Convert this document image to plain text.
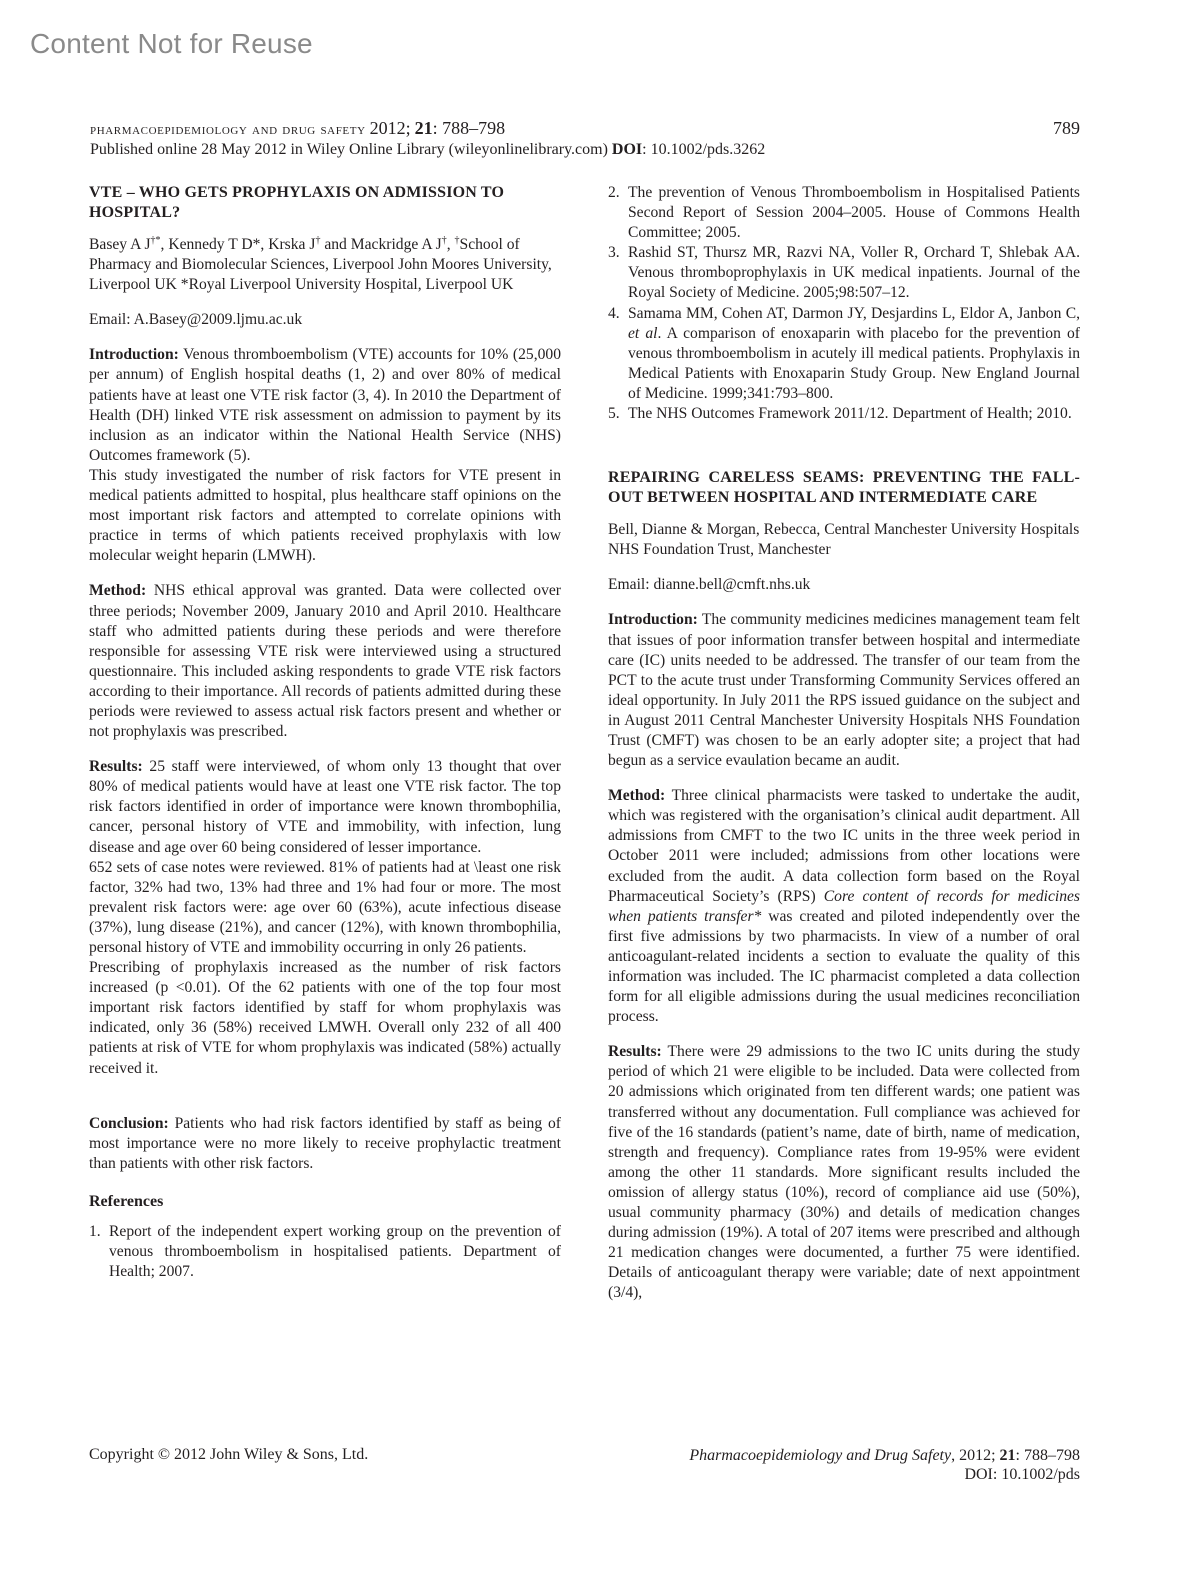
Content Not for Reuse
pharmacoepidemiology and drug safety 2012; 21: 788–798	789
Published online 28 May 2012 in Wiley Online Library (wileyonlinelibrary.com) DOI: 10.1002/pds.3262
VTE – WHO GETS PROPHYLAXIS ON ADMISSION TO HOSPITAL?

Basey A J†*, Kennedy T D*, Krska J† and Mackridge A J†, †School of Pharmacy and Biomolecular Sciences, Liverpool John Moores University, Liverpool UK *Royal Liverpool University Hospital, Liverpool UK

Email: A.Basey@2009.ljmu.ac.uk

Introduction: Venous thromboembolism (VTE) accounts for 10% (25,000 per annum) of English hospital deaths (1, 2) and over 80% of medical patients have at least one VTE risk factor (3, 4). In 2010 the Department of Health (DH) linked VTE risk assessment on admission to payment by its inclusion as an indicator within the National Health Service (NHS) Outcomes framework (5).

This study investigated the number of risk factors for VTE present in medical patients admitted to hospital, plus healthcare staff opinions on the most important risk factors and attempted to correlate opinions with practice in terms of which patients received prophylaxis with low molecular weight heparin (LMWH).

Method: NHS ethical approval was granted. Data were collected over three periods; November 2009, January 2010 and April 2010. Healthcare staff who admitted patients during these periods and were therefore responsible for assessing VTE risk were interviewed using a structured questionnaire. This included asking respondents to grade VTE risk factors according to their importance. All records of patients admitted during these periods were reviewed to assess actual risk factors present and whether or not prophylaxis was prescribed.

Results: 25 staff were interviewed, of whom only 13 thought that over 80% of medical patients would have at least one VTE risk factor. The top risk factors identified in order of importance were known thrombophilia, cancer, personal history of VTE and immobility, with infection, lung disease and age over 60 being considered of lesser importance.

652 sets of case notes were reviewed. 81% of patients had at \least one risk factor, 32% had two, 13% had three and 1% had four or more. The most prevalent risk factors were: age over 60 (63%), acute infectious disease (37%), lung disease (21%), and cancer (12%), with known thrombophilia, personal history of VTE and immobility occurring in only 26 patients.

Prescribing of prophylaxis increased as the number of risk factors increased (p <0.01). Of the 62 patients with one of the top four most important risk factors identified by staff for whom prophylaxis was indicated, only 36 (58%) received LMWH. Overall only 232 of all 400 patients at risk of VTE for whom prophylaxis was indicated (58%) actually received it.

Conclusion: Patients who had risk factors identified by staff as being of most importance were no more likely to receive prophylactic treatment than patients with other risk factors.

References
1. Report of the independent expert working group on the prevention of venous thromboembolism in hospitalised patients. Department of Health; 2007.
2. The prevention of Venous Thromboembolism in Hospitalised Patients Second Report of Session 2004–2005. House of Commons Health Committee; 2005.
3. Rashid ST, Thursz MR, Razvi NA, Voller R, Orchard T, Shlebak AA. Venous thromboprophylaxis in UK medical inpatients. Journal of the Royal Society of Medicine. 2005;98:507–12.
4. Samama MM, Cohen AT, Darmon JY, Desjardins L, Eldor A, Janbon C, et al. A comparison of enoxaparin with placebo for the prevention of venous thromboembolism in acutely ill medical patients. Prophylaxis in Medical Patients with Enoxaparin Study Group. New England Journal of Medicine. 1999;341:793–800.
5. The NHS Outcomes Framework 2011/12. Department of Health; 2010.
REPAIRING CARELESS SEAMS: PREVENTING THE FALL-OUT BETWEEN HOSPITAL AND INTERMEDIATE CARE

Bell, Dianne & Morgan, Rebecca, Central Manchester University Hospitals NHS Foundation Trust, Manchester

Email: dianne.bell@cmft.nhs.uk

Introduction: The community medicines medicines management team felt that issues of poor information transfer between hospital and intermediate care (IC) units needed to be addressed. The transfer of our team from the PCT to the acute trust under Transforming Community Services offered an ideal opportunity. In July 2011 the RPS issued guidance on the subject and in August 2011 Central Manchester University Hospitals NHS Foundation Trust (CMFT) was chosen to be an early adopter site; a project that had begun as a service evaulation became an audit.

Method: Three clinical pharmacists were tasked to undertake the audit, which was registered with the organisation’s clinical audit department. All admissions from CMFT to the two IC units in the three week period in October 2011 were included; admissions from other locations were excluded from the audit. A data collection form based on the Royal Pharmaceutical Society’s (RPS) Core content of records for medicines when patients transfer* was created and piloted independently over the first five admissions by two pharmacists. In view of a number of oral anticoagulant-related incidents a section to evaluate the quality of this information was included. The IC pharmacist completed a data collection form for all eligible admissions during the usual medicines reconciliation process.

Results: There were 29 admissions to the two IC units during the study period of which 21 were eligible to be included. Data were collected from 20 admissions which originated from ten different wards; one patient was transferred without any documentation. Full compliance was achieved for five of the 16 standards (patient’s name, date of birth, name of medication, strength and frequency). Compliance rates from 19-95% were evident among the other 11 standards. More significant results included the omission of allergy status (10%), record of compliance aid use (50%), usual community pharmacy (30%) and details of medication changes during admission (19%). A total of 207 items were prescribed and although 21 medication changes were documented, a further 75 were identified. Details of anticoagulant therapy were variable; date of next appointment (3/4),

Copyright © 2012 John Wiley & Sons, Ltd.	Pharmacoepidemiology and Drug Safety, 2012; 21: 788–798
DOI: 10.1002/pds
